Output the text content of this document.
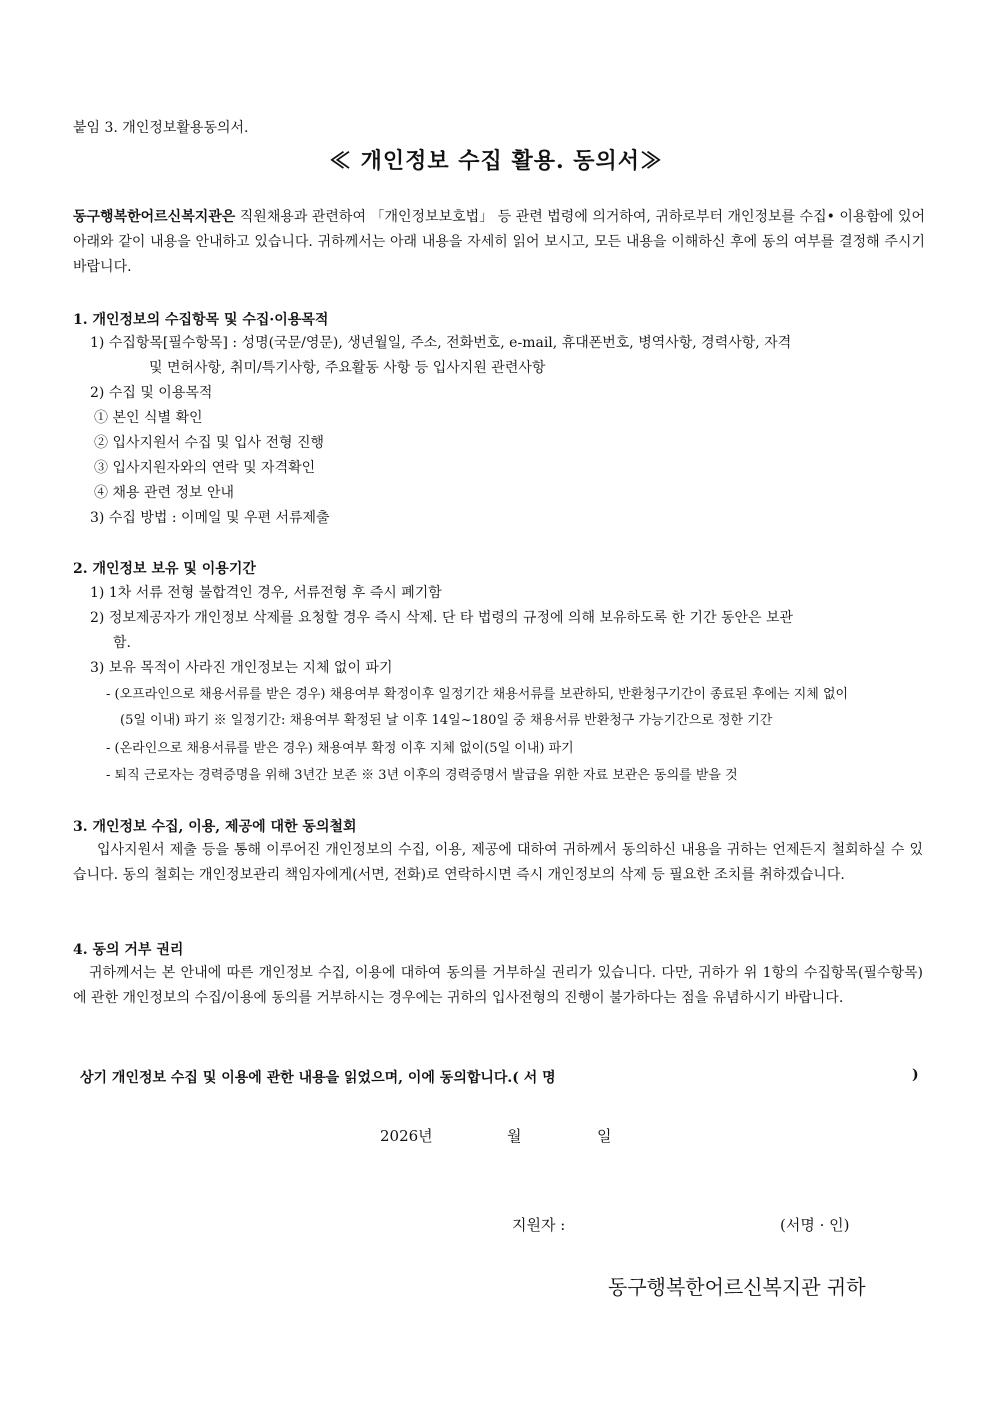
붙임 3. 개인정보활용동의서.
≪ 개인정보 수집 활용. 동의서≫
동구행복한어르신복지관은 직원채용과 관련하여 「개인정보보호법」 등 관련 법령에 의거하여, 귀하로부터 개인정보를 수집• 이용함에 있어 아래와 같이 내용을 안내하고 있습니다. 귀하께서는 아래 내용을 자세히 읽어 보시고, 모든 내용을 이해하신 후에 동의 여부를 결정해 주시기 바랍니다.
1. 개인정보의 수집항목 및 수집·이용목적
1) 수집항목[필수항목] : 성명(국문/영문), 생년월일, 주소, 전화번호, e-mail, 휴대폰번호, 병역사항, 경력사항, 자격
및 면허사항, 취미/특기사항, 주요활동 사항 등 입사지원 관련사항
2) 수집 및 이용목적
① 본인 식별 확인
② 입사지원서 수집 및 입사 전형 진행
③ 입사지원자와의 연락 및 자격확인
④ 채용 관련 정보 안내
3) 수집 방법 : 이메일 및 우편 서류제출
2. 개인정보 보유 및 이용기간
1) 1차 서류 전형 불합격인 경우, 서류전형 후 즉시 폐기함
2) 정보제공자가 개인정보 삭제를 요청할 경우 즉시 삭제. 단 타 법령의 규정에 의해 보유하도록 한 기간 동안은 보관
함.
3) 보유 목적이 사라진 개인정보는 지체 없이 파기
- (오프라인으로 채용서류를 받은 경우) 채용여부 확정이후 일정기간 채용서류를 보관하되, 반환청구기간이 종료된 후에는 지체 없이
(5일 이내) 파기 ※ 일정기간: 채용여부 확정된 날 이후 14일~180일 중 채용서류 반환청구 가능기간으로 정한 기간
- (온라인으로 채용서류를 받은 경우) 채용여부 확정 이후 지체 없이(5일 이내) 파기
- 퇴직 근로자는 경력증명을 위해 3년간 보존 ※ 3년 이후의 경력증명서 발급을 위한 자료 보관은 동의를 받을 것
3. 개인정보 수집, 이용, 제공에 대한 동의철회
입사지원서 제출 등을 통해 이루어진 개인정보의 수집, 이용, 제공에 대하여 귀하께서 동의하신 내용을 귀하는 언제든지 철회하실 수 있습니다. 동의 철회는 개인정보관리 책임자에게(서면, 전화)로 연락하시면 즉시 개인정보의 삭제 등 필요한 조치를 취하겠습니다.
4. 동의 거부 권리
귀하께서는 본 안내에 따른 개인정보 수집, 이용에 대하여 동의를 거부하실 권리가 있습니다. 다만, 귀하가 위 1항의 수집항목(필수항목)에 관한 개인정보의 수집/이용에 동의를 거부하시는 경우에는 귀하의 입사전형의 진행이 불가하다는 점을 유념하시기 바랍니다.
상기 개인정보 수집 및 이용에 관한 내용을 읽었으며, 이에 동의합니다.( 서 명	)
2026년	월	일
지원자 :	(서명 · 인)
동구행복한어르신복지관 귀하
